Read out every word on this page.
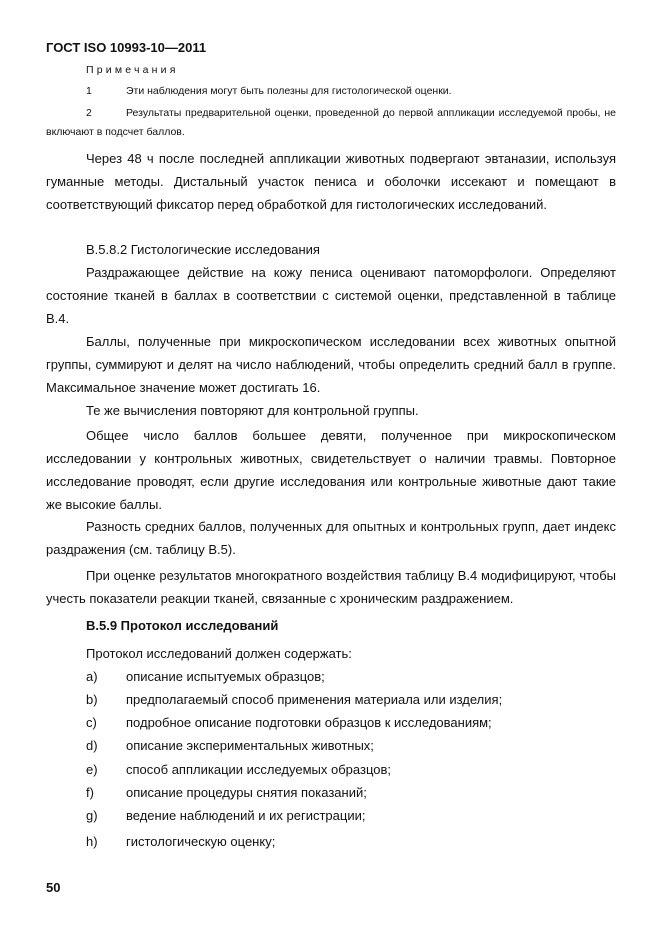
ГОСТ ISO 10993-10—2011
Примечания
1	Эти наблюдения могут быть полезны для гистологической оценки.
2	Результаты предварительной оценки, проведенной до первой аппликации исследуемой пробы, не включают в подсчет баллов.

Через 48 ч после последней аппликации животных подвергают эвтаназии, используя гуманные методы. Дистальный участок пениса и оболочки иссекают и помещают в соответствующий фиксатор перед обработкой для гистологических исследований.

В.5.8.2 Гистологические исследования

Раздражающее действие на кожу пениса оценивают патоморфологи. Определяют состояние тканей в баллах в соответствии с системой оценки, представленной в таблице В.4.

Баллы, полученные при микроскопическом исследовании всех животных опытной группы, суммируют и делят на число наблюдений, чтобы определить средний балл в группе. Максимальное значение может достигать 16.

Те же вычисления повторяют для контрольной группы.

Общее число баллов большее девяти, полученное при микроскопическом исследовании у контрольных животных, свидетельствует о наличии травмы. Повторное исследование проводят, если другие исследования или контрольные животные дают такие же высокие баллы.

Разность средних баллов, полученных для опытных и контрольных групп, дает индекс раздражения (см. таблицу В.5).

При оценке результатов многократного воздействия таблицу В.4 модифицируют, чтобы учесть показатели реакции тканей, связанные с хроническим раздражением.

В.5.9 Протокол исследований
Протокол исследований должен содержать:
a)	описание испытуемых образцов;
b)	предполагаемый способ применения материала или изделия;
c)	подробное описание подготовки образцов к исследованиям;
d)	описание экспериментальных животных;
e)	способ аппликации исследуемых образцов;
f)	описание процедуры снятия показаний;
g)	ведение наблюдений и их регистрации;
h)	гистологическую оценку;
50
